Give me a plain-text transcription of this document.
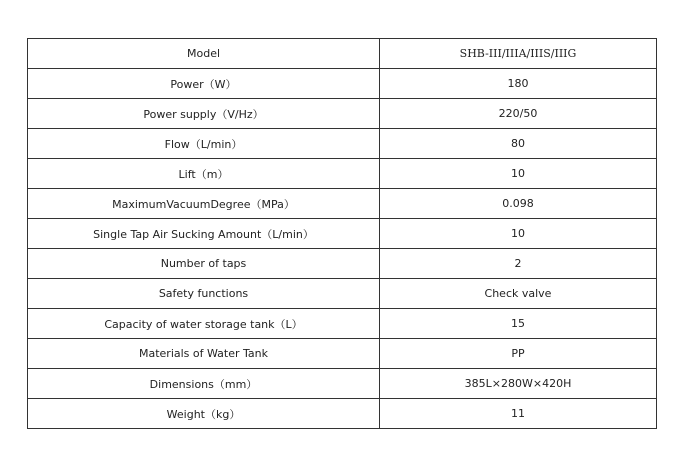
Model	SHB-III/IIIA/IIIS/IIIG
Power（W）	180
Power supply（V/Hz）	220/50
Flow（L/min）	80
Lift（m）	10
MaximumVacuumDegree（MPa）	0.098
Single Tap Air Sucking Amount（L/min）	10
Number of taps	2
Safety functions	Check valve
Capacity of water storage tank（L）	15
Materials of Water Tank	PP
Dimensions（mm）	385L×280W×420H
Weight（kg）	11
